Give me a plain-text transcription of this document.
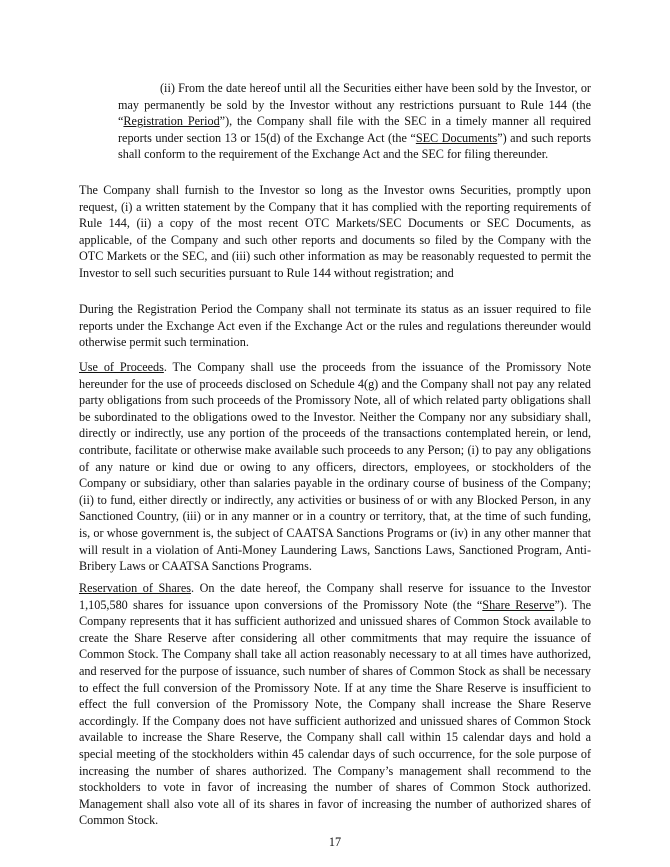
(ii) From the date hereof until all the Securities either have been sold by the Investor, or may permanently be sold by the Investor without any restrictions pursuant to Rule 144 (the “Registration Period”), the Company shall file with the SEC in a timely manner all required reports under section 13 or 15(d) of the Exchange Act (the “SEC Documents”) and such reports shall conform to the requirement of the Exchange Act and the SEC for filing thereunder.

The Company shall furnish to the Investor so long as the Investor owns Securities, promptly upon request, (i) a written statement by the Company that it has complied with the reporting requirements of Rule 144, (ii) a copy of the most recent OTC Markets/SEC Documents or SEC Documents, as applicable, of the Company and such other reports and documents so filed by the Company with the OTC Markets or the SEC, and (iii) such other information as may be reasonably requested to permit the Investor to sell such securities pursuant to Rule 144 without registration; and

During the Registration Period the Company shall not terminate its status as an issuer required to file reports under the Exchange Act even if the Exchange Act or the rules and regulations thereunder would otherwise permit such termination.

Use of Proceeds. The Company shall use the proceeds from the issuance of the Promissory Note hereunder for the use of proceeds disclosed on Schedule 4(g) and the Company shall not pay any related party obligations from such proceeds of the Promissory Note, all of which related party obligations shall be subordinated to the obligations owed to the Investor. Neither the Company nor any subsidiary shall, directly or indirectly, use any portion of the proceeds of the transactions contemplated herein, or lend, contribute, facilitate or otherwise make available such proceeds to any Person; (i) to pay any obligations of any nature or kind due or owing to any officers, directors, employees, or stockholders of the Company or subsidiary, other than salaries payable in the ordinary course of business of the Company; (ii) to fund, either directly or indirectly, any activities or business of or with any Blocked Person, in any Sanctioned Country, (iii) or in any manner or in a country or territory, that, at the time of such funding, is, or whose government is, the subject of CAATSA Sanctions Programs or (iv) in any other manner that will result in a violation of Anti-Money Laundering Laws, Sanctions Laws, Sanctioned Program, Anti-Bribery Laws or CAATSA Sanctions Programs.

Reservation of Shares. On the date hereof, the Company shall reserve for issuance to the Investor 1,105,580 shares for issuance upon conversions of the Promissory Note (the “Share Reserve”). The Company represents that it has sufficient authorized and unissued shares of Common Stock available to create the Share Reserve after considering all other commitments that may require the issuance of Common Stock. The Company shall take all action reasonably necessary to at all times have authorized, and reserved for the purpose of issuance, such number of shares of Common Stock as shall be necessary to effect the full conversion of the Promissory Note. If at any time the Share Reserve is insufficient to effect the full conversion of the Promissory Note, the Company shall increase the Share Reserve accordingly. If the Company does not have sufficient authorized and unissued shares of Common Stock available to increase the Share Reserve, the Company shall call within 15 calendar days and hold a special meeting of the stockholders within 45 calendar days of such occurrence, for the sole purpose of increasing the number of shares authorized. The Company’s management shall recommend to the stockholders to vote in favor of increasing the number of shares of Common Stock authorized. Management shall also vote all of its shares in favor of increasing the number of authorized shares of Common Stock.

17
